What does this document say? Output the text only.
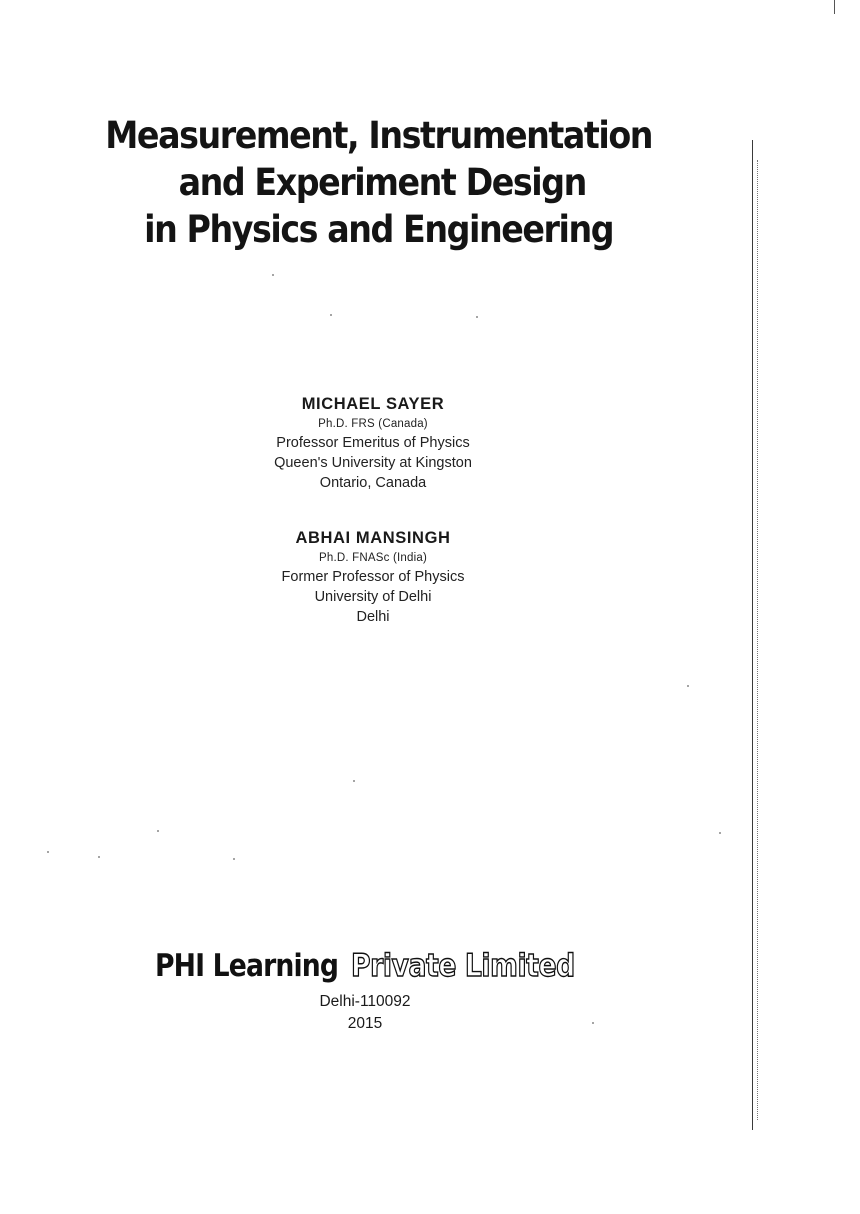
Measurement, Instrumentation
and Experiment Design
in Physics and Engineering
MICHAEL SAYER
Ph.D. FRS (Canada)
Professor Emeritus of Physics
Queen's University at Kingston
Ontario, Canada
ABHAI MANSINGH
Ph.D. FNASc (India)
Former Professor of Physics
University of Delhi
Delhi
PHI Learning Private Limited
Delhi-110092
2015
